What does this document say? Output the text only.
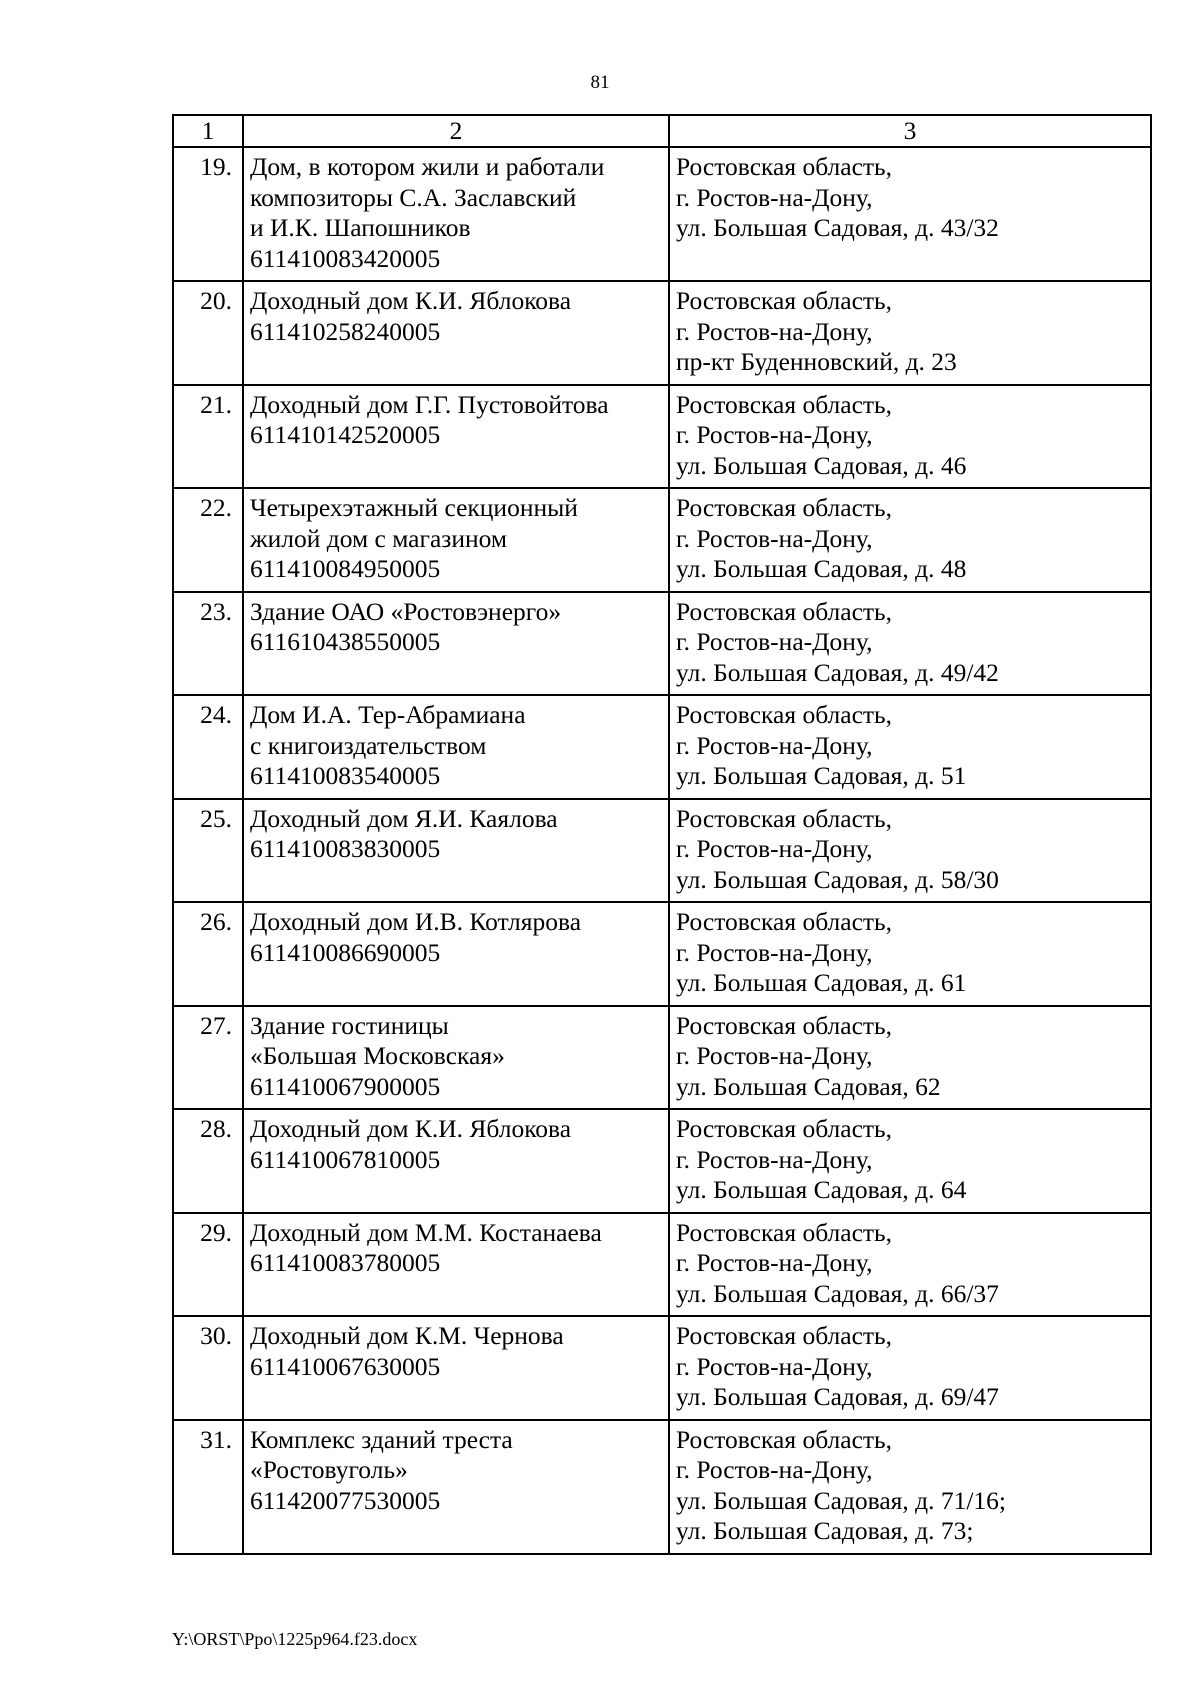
81
1	2	3
19.	Дом, в котором жили и работали
композиторы С.А. Заславский
и И.К. Шапошников
611410083420005	Ростовская область,
г. Ростов-на-Дону,
ул. Большая Садовая, д. 43/32

20.	Доходный дом К.И. Яблокова
611410258240005	Ростовская область,
г. Ростов-на-Дону,
пр-кт Буденновский, д. 23

21.	Доходный дом Г.Г. Пустовойтова
611410142520005	Ростовская область,
г. Ростов-на-Дону,
ул. Большая Садовая, д. 46

22.	Четырехэтажный секционный
жилой дом с магазином
611410084950005	Ростовская область,
г. Ростов-на-Дону,
ул. Большая Садовая, д. 48

23.	Здание ОАО «Ростовэнерго»
611610438550005	Ростовская область,
г. Ростов-на-Дону,
ул. Большая Садовая, д. 49/42

24.	Дом И.А. Тер-Абрамиана
с книгоиздательством
611410083540005	Ростовская область,
г. Ростов-на-Дону,
ул. Большая Садовая, д. 51

25.	Доходный дом Я.И. Каялова
611410083830005	Ростовская область,
г. Ростов-на-Дону,
ул. Большая Садовая, д. 58/30

26.	Доходный дом И.В. Котлярова
611410086690005	Ростовская область,
г. Ростов-на-Дону,
ул. Большая Садовая, д. 61

27.	Здание гостиницы
«Большая Московская»
611410067900005	Ростовская область,
г. Ростов-на-Дону,
ул. Большая Садовая, 62

28.	Доходный дом К.И. Яблокова
611410067810005	Ростовская область,
г. Ростов-на-Дону,
ул. Большая Садовая, д. 64

29.	Доходный дом М.М. Костанаева
611410083780005	Ростовская область,
г. Ростов-на-Дону,
ул. Большая Садовая, д. 66/37

30.	Доходный дом К.М. Чернова
611410067630005	Ростовская область,
г. Ростов-на-Дону,
ул. Большая Садовая, д. 69/47

31.	Комплекс зданий треста
«Ростовуголь»
611420077530005	Ростовская область,
г. Ростов-на-Дону,
ул. Большая Садовая, д. 71/16;
ул. Большая Садовая, д. 73;
Y:\ORST\Ppo\1225p964.f23.docx
